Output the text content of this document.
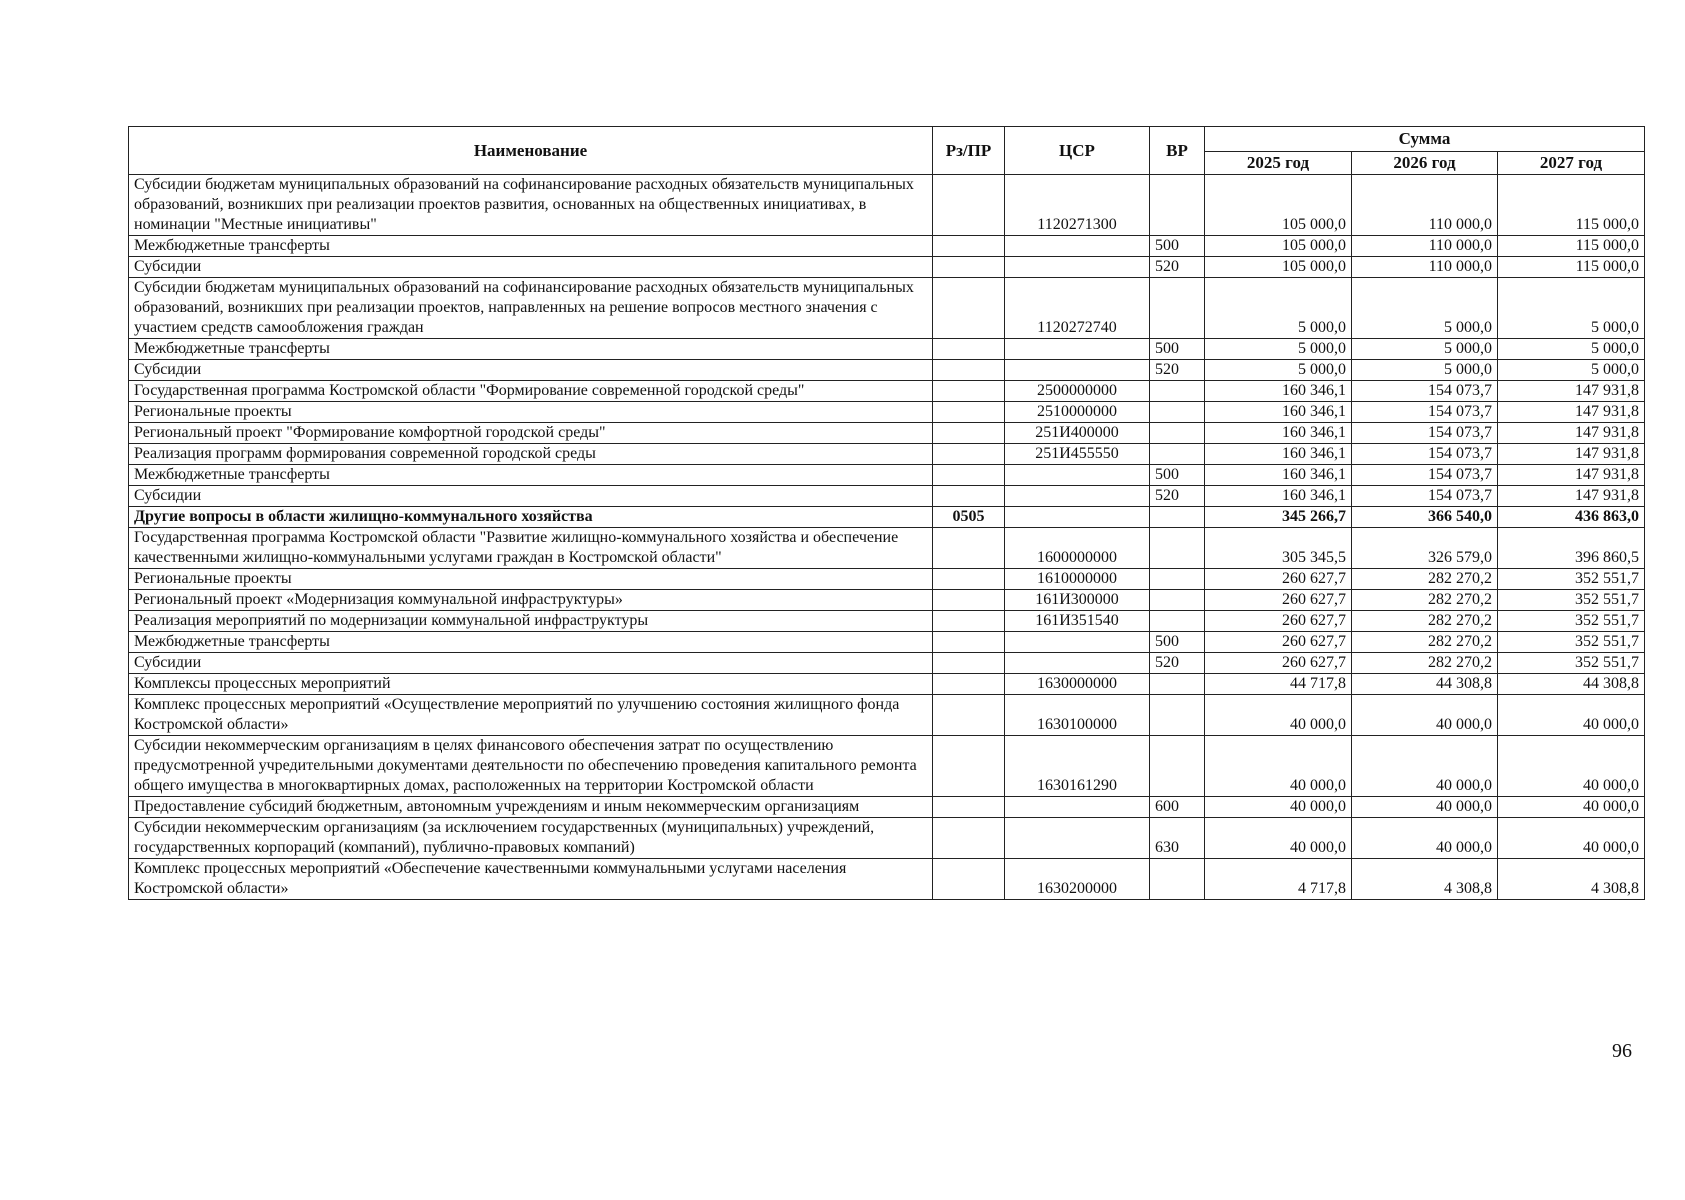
Наименование	Рз/ПР	ЦСР	ВР	Сумма		
				2025 год	2026 год	2027 год
Субсидии бюджетам муниципальных образований на софинансирование расходных обязательств муниципальных образований, возникших при реализации проектов развития, основанных на общественных инициативах, в номинации "Местные инициативы"		1120271300		105 000,0	110 000,0	115 000,0
Межбюджетные трансферты			500	105 000,0	110 000,0	115 000,0
Субсидии			520	105 000,0	110 000,0	115 000,0
Субсидии бюджетам муниципальных образований на софинансирование расходных обязательств муниципальных образований, возникших при реализации проектов, направленных на решение вопросов местного значения с участием средств самообложения граждан		1120272740		5 000,0	5 000,0	5 000,0
Межбюджетные трансферты			500	5 000,0	5 000,0	5 000,0
Субсидии			520	5 000,0	5 000,0	5 000,0
Государственная программа Костромской области "Формирование современной городской среды"		2500000000		160 346,1	154 073,7	147 931,8
Региональные проекты		2510000000		160 346,1	154 073,7	147 931,8
Региональный проект "Формирование комфортной городской среды"		251И400000		160 346,1	154 073,7	147 931,8
Реализация программ формирования современной городской среды		251И455550		160 346,1	154 073,7	147 931,8
Межбюджетные трансферты			500	160 346,1	154 073,7	147 931,8
Субсидии			520	160 346,1	154 073,7	147 931,8
Другие вопросы в области жилищно-коммунального хозяйства	0505			345 266,7	366 540,0	436 863,0
Государственная программа Костромской области "Развитие жилищно-коммунального хозяйства и обеспечение качественными жилищно-коммунальными услугами граждан в Костромской области"		1600000000		305 345,5	326 579,0	396 860,5
Региональные проекты		1610000000		260 627,7	282 270,2	352 551,7
Региональный проект «Модернизация коммунальной инфраструктуры»		161И300000		260 627,7	282 270,2	352 551,7
Реализация мероприятий по модернизации коммунальной инфраструктуры		161И351540		260 627,7	282 270,2	352 551,7
Межбюджетные трансферты			500	260 627,7	282 270,2	352 551,7
Субсидии			520	260 627,7	282 270,2	352 551,7
Комплексы процессных мероприятий		1630000000		44 717,8	44 308,8	44 308,8
Комплекс процессных мероприятий «Осуществление мероприятий по улучшению состояния жилищного фонда Костромской области»		1630100000		40 000,0	40 000,0	40 000,0
Субсидии некоммерческим организациям в целях финансового обеспечения затрат по осуществлению предусмотренной учредительными документами деятельности по обеспечению проведения капитального ремонта общего имущества в многоквартирных домах, расположенных на территории Костромской области		1630161290		40 000,0	40 000,0	40 000,0
Предоставление субсидий бюджетным, автономным учреждениям и иным некоммерческим организациям			600	40 000,0	40 000,0	40 000,0
Субсидии некоммерческим организациям (за исключением государственных (муниципальных) учреждений, государственных корпораций (компаний), публично-правовых компаний)			630	40 000,0	40 000,0	40 000,0
Комплекс процессных мероприятий «Обеспечение качественными коммунальными услугами населения Костромской области»		1630200000		4 717,8	4 308,8	4 308,8
96
